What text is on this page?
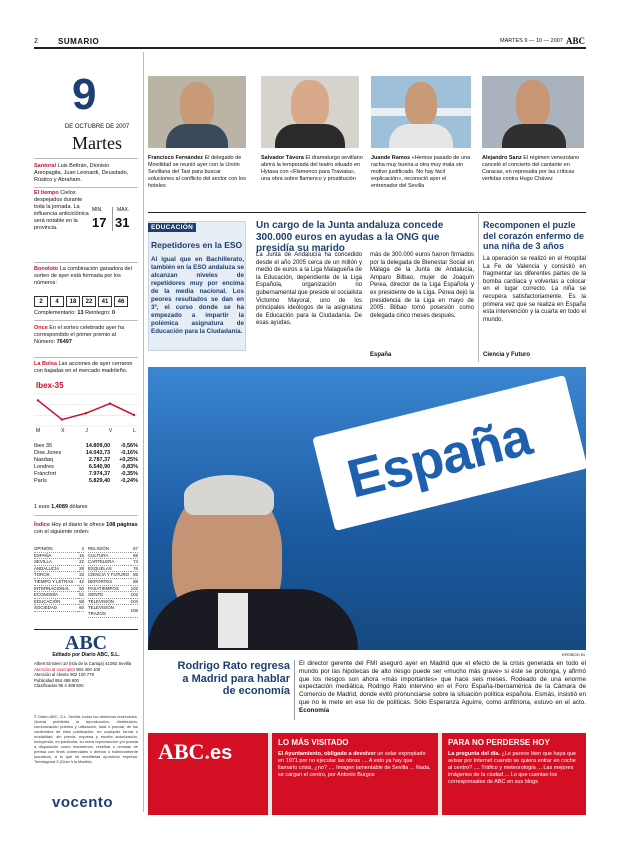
2	SUMARIO	MARTES 9 — 10 — 2007 ABC
9
DE OCTUBRE DE 2007
Martes
Santoral Luis Beltrán, Dionisio Areopagita, Juan Leonardi, Deusdado, Rústico y Abraham.
El tiempo Cielos despejados durante toda la jornada. La influencia anticiclónica será notable en la provincia.
MIN.	MAX.
17 31
Bonoloto La combinación ganadora del sorteo de ayer está formada por los números:
2	4	18	22	41	46
Complementario: 13 Reintegro: 0
Once En el sorteo celebrado ayer ha correspondido el primer premio al Número: 76497
La Bolsa Las acciones de ayer cerraron con bajadas en el mercado madrileño.
Ibex-35
M	X	J	V	L
Ibex 35	14.809,00	-0,56%
Dow Jones	14.043,73	-0,16%
Nasdaq	2.787,37	+0,25%
Londres	6.540,90	-0,83%
Fráncfort	7.974,37	-0,35%
París	5.829,40	-0,24%
1 euro 1,4089 dólares
Índice Hoy el diario le ofrece 108 páginas con el siguiente orden:
OPINIÓN	4
ESPAÑA	16
SEVILLA	22
ANDALUCÍA	28
TOROS	33
TIEMPO Y LETRAS	42
INTERNACIONAL	50
ECONOMÍA	52
EDUCACIÓN	58
SOCIEDAD	60
RELIGIÓN	67
CULTURA	69
CARTELERA	74
ESQUELAS	76
CIENCIA Y FUTURO	85
DEPORTES	88
PASATIEMPOS	102
GENTE	102
TELEVISIÓN	104
TELEVISIÓN TRAZOS	106
ABC
Editado por Diario ABC, S.L.
Albert Einstein 10 (Isla de la Cartuja) 41092 Sevilla
Atención al suscriptor 902 400 100
Atención al cliente 902 100 779
Publicidad 954 488 600
Clasificados 95 4 488 600
© Diario ABC, S.L. Sevilla, todos los derechos reservados. Queda prohibida la reproducción, distribución, comunicación pública y utilización, total o parcial, de los contenidos de esta publicación, en cualquier forma o modalidad, sin previa, expresa y escrita autorización, incluyendo, en particular, su mera reproducción y/o puesta a disposición como resúmenes, reseñas o revistas de prensa con fines comerciales o directa o indirectamente lucrativos, a lo que se manifiesta oposición expresa. Torrelaguna 3 (Gran Vía Madrid).
vocento
Francisco Fernández El delegado de Movilidad se reunió ayer con la Unión Sevillana del Taxi para buscar soluciones al conflicto del sector con los hoteles
Salvador Távora El dramaturgo sevillano abrirá la temporada del teatro situado en Hytasa con «Flamenco para Traviata», una obra sobre flamenco y prostitución
Juande Ramos «Hemos pasado de una racha muy buena a otra muy mala sin motivo justificado. No hay fácil explicación», reconoció ayer el entrenador del Sevilla
Alejandro Sanz El régimen venezolano canceló el concierto del cantante en Caracas, en represalia por las críticas vertidas contra Hugo Chávez
EDUCACIÓN
Repetidores en la ESO
Al igual que en Bachillerato, también en la ESO andaluza se alcanzan niveles de repetidores muy por encima de la media nacional. Los peores resultados se dan en 3º, el curso donde se ha empezado a impartir la polémica asignatura de Educación para la Ciudadanía.
Un cargo de la Junta andaluza concede 300.000 euros en ayudas a la ONG que presidía su marido
La Junta de Andalucía ha concedido desde el año 2005 cerca de un millón y medio de euros a la Liga Malagueña de la Educación, dependiente de la Liga Española, organización no gubernamental que preside el socialista Victorino Mayoral, uno de los principales ideólogos de la asignatura de Educación para la Ciudadanía. De esas ayudas,
más de 300.000 euros fueron firmados por la delegada de Bienestar Social en Málaga de la Junta de Andalucía, Amparo Bilbao, mujer de Joaquín Perea, director de la Liga Española y ex presidente de la Liga. Perea dejó la presidencia de la Liga en mayo de 2005. Bilbao tomó posesión como delegada cinco meses después.
España
Recomponen el puzle del corazón enfermo de una niña de 3 años
La operación se realizó en el Hospital La Fe de Valencia y consistió en fragmentar las diferentes partes de la bomba cardiaca y volverlas a colocar en el lugar correcto. La niña se recupera satisfactoriamente. Es la primera vez que se realiza en España esta intervención y la cuarta en todo el mundo.
Ciencia y Futuro
España
EFE/BOO EL
Rodrigo Rato regresa a Madrid para hablar de economía
El director gerente del FMI aseguró ayer en Madrid que el efecto de la crisis generada en todo el mundo por las hipotecas de alto riesgo puede ser «mucho más grave» si éste se prolonga, y afirmó que los riesgos son ahora «más importantes» que hace seis meses. Rodeado de una enorme expectación mediática, Rodrigo Rato intervino en el Foro España-Iberoamérica de la Cámara de Comercio de Madrid, donde evitó pronunciarse sobre la situación política española. Esmás, insistió en que no le mete en ese lío de políticas. Sólo Esperanza Aguirre, como anfitriona, estuvo en el acto. Economía
ABC.es	LO MÁS VISITADO
El Ayuntamiento, obligado a devolver un solar expropiado en 1971 por no ejecutar las obras .... A esto ya hay que llamarlo crisis, ¿no? .... Imagen lamentable de Sevilla ... Nada, se cargan el centro, por Antonio Burgos
PARA NO PERDERSE HOY
La pregunta del día. ¿Le parece bien que haya que avisar por Internet cuando se quiera entrar en coche al centro? .... Tráfico y meteorología ... Las mejores imágenes de la ciudad ... Lo que cuentan los corresponsales de ABC en sus blogs
